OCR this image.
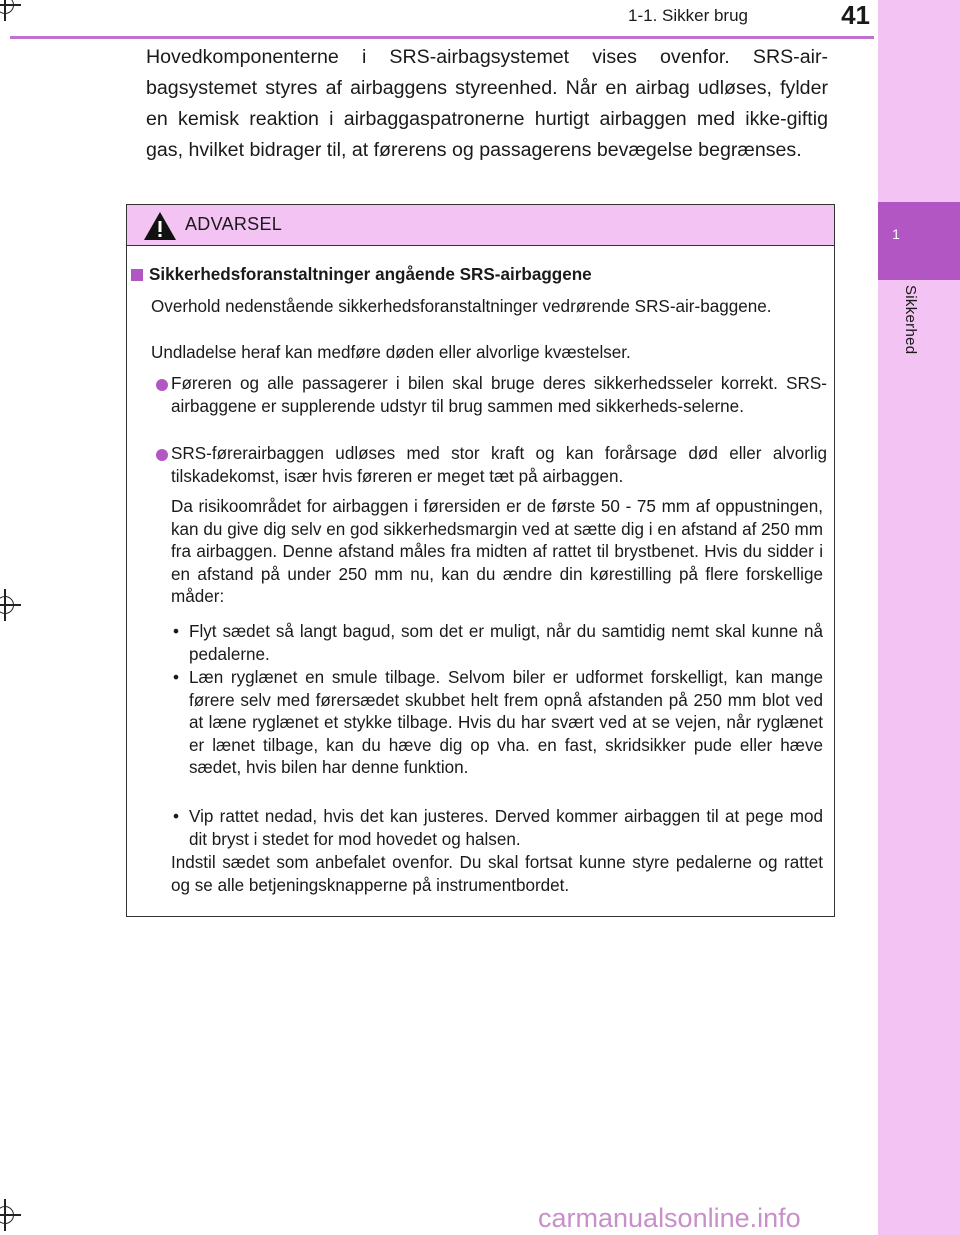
1
Sikkerhed
1-1. Sikker brug	41
Hovedkomponenterne i SRS-airbagsystemet vises ovenfor. SRS-air-bagsystemet styres af airbaggens styreenhed. Når en airbag udløses, fylder en kemisk reaktion i airbaggaspatronerne hurtigt airbaggen med ikke-giftig gas, hvilket bidrager til, at førerens og passagerens bevægelse begrænses.
ADVARSEL
Sikkerhedsforanstaltninger angående SRS-airbaggene
Overhold nedenstående sikkerhedsforanstaltninger vedrørende SRS-air-baggene.
Undladelse heraf kan medføre døden eller alvorlige kvæstelser.
Føreren og alle passagerer i bilen skal bruge deres sikkerhedsseler korrekt. SRS-airbaggene er supplerende udstyr til brug sammen med sikkerheds-selerne.
SRS-førerairbaggen udløses med stor kraft og kan forårsage død eller alvorlig tilskadekomst, især hvis føreren er meget tæt på airbaggen.
Da risikoområdet for airbaggen i førersiden er de første 50 - 75 mm af oppustningen, kan du give dig selv en god sikkerhedsmargin ved at sætte dig i en afstand af 250 mm fra airbaggen. Denne afstand måles fra midten af rattet til brystbenet. Hvis du sidder i en afstand på under 250 mm nu, kan du ændre din kørestilling på flere forskellige måder:
• Flyt sædet så langt bagud, som det er muligt, når du samtidig nemt skal kunne nå pedalerne.
• Læn ryglænet en smule tilbage. Selvom biler er udformet forskelligt, kan mange førere selv med førersædet skubbet helt frem opnå afstanden på 250 mm blot ved at læne ryglænet et stykke tilbage. Hvis du har svært ved at se vejen, når ryglænet er lænet tilbage, kan du hæve dig op vha. en fast, skridsikker pude eller hæve sædet, hvis bilen har denne funktion.
• Vip rattet nedad, hvis det kan justeres. Derved kommer airbaggen til at pege mod dit bryst i stedet for mod hovedet og halsen.
Indstil sædet som anbefalet ovenfor. Du skal fortsat kunne styre pedalerne og rattet og se alle betjeningsknapperne på instrumentbordet.
carmanualsonline.info
